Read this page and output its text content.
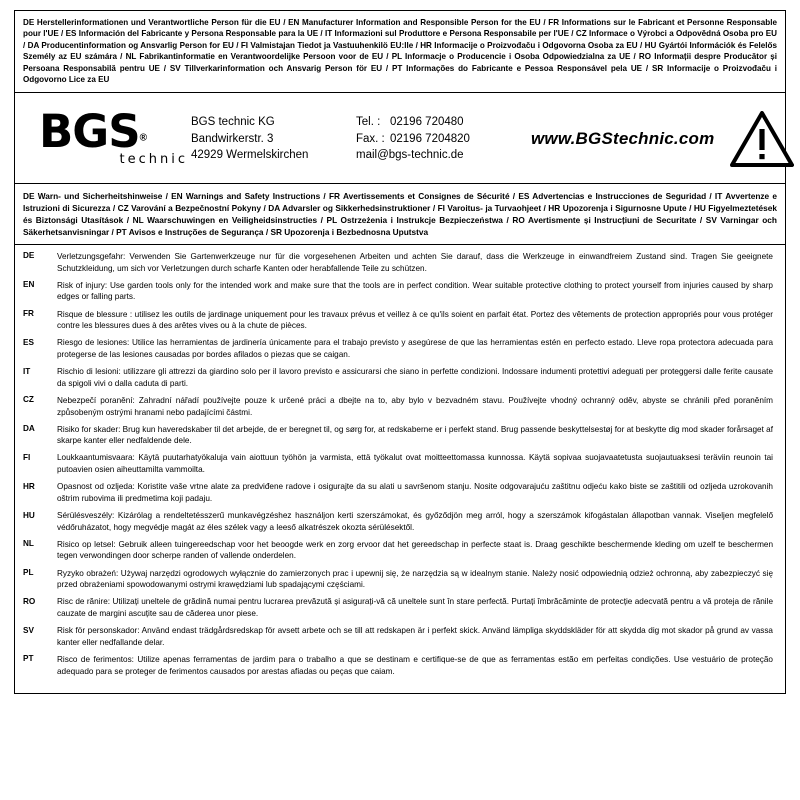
DE Herstellerinformationen und Verantwortliche Person für die EU / EN Manufacturer Information and Responsible Person for the EU / FR Informations sur le Fabricant et Personne Responsable pour l'UE / ES Información del Fabricante y Persona Responsable para la UE / IT Informazioni sul Produttore e Persona Responsabile per l'UE / CZ Informace o Výrobci a Odpovědná Osoba pro EU / DA Producentinformation og Ansvarlig Person for EU / FI Valmistajan Tiedot ja Vastuuhenkilö EU:lle / HR Informacije o Proizvođaču i Odgovorna Osoba za EU / HU Gyártói Információk és Felelős Személy az EU számára / NL Fabrikantinformatie en Verantwoordelijke Persoon voor de EU / PL Informacje o Producencie i Osoba Odpowiedzialna za UE / RO Informații despre Producător și Persoana Responsabilă pentru UE / SV Tillverkarinformation och Ansvarig Person för EU / PT Informações do Fabricante e Pessoa Responsável pela UE / SR Informacije o Proizvođaču i Odgovorno Lice za EU
BGS®
technic
BGS technic KG
Bandwirkerstr. 3
42929 Wermelskirchen
Tel. : 02196 720480
Fax. : 02196 7204820
mail@bgs-technic.de
www.BGStechnic.com
DE Warn- und Sicherheitshinweise / EN Warnings and Safety Instructions / FR Avertissements et Consignes de Sécurité / ES Advertencias e Instrucciones de Seguridad / IT Avvertenze e Istruzioni di Sicurezza / CZ Varování a Bezpečnostní Pokyny / DA Advarsler og Sikkerhedsinstruktioner / FI Varoitus- ja Turvaohjeet / HR Upozorenja i Sigurnosne Upute / HU Figyelmeztetések és Biztonsági Utasítások / NL Waarschuwingen en Veiligheidsinstructies / PL Ostrzeżenia i Instrukcje Bezpieczeństwa / RO Avertismente și Instrucțiuni de Securitate / SV Varningar och Säkerhetsanvisningar / PT Avisos e Instruções de Segurança / SR Upozorenja i Bezbednosna Uputstva
DE	Verletzungsgefahr: Verwenden Sie Gartenwerkzeuge nur für die vorgesehenen Arbeiten und achten Sie darauf, dass die Werkzeuge in einwandfreiem Zustand sind. Tragen Sie geeignete Schutzkleidung, um sich vor Verletzungen durch scharfe Kanten oder herabfallende Teile zu schützen.
EN	Risk of injury: Use garden tools only for the intended work and make sure that the tools are in perfect condition. Wear suitable protective clothing to protect yourself from injuries caused by sharp edges or falling parts.
FR	Risque de blessure : utilisez les outils de jardinage uniquement pour les travaux prévus et veillez à ce qu'ils soient en parfait état. Portez des vêtements de protection appropriés pour vous protéger contre les blessures dues à des arêtes vives ou à la chute de pièces.
ES	Riesgo de lesiones: Utilice las herramientas de jardinería únicamente para el trabajo previsto y asegúrese de que las herramientas estén en perfecto estado. Lleve ropa protectora adecuada para protegerse de las lesiones causadas por bordes afilados o piezas que se caigan.
IT	Rischio di lesioni: utilizzare gli attrezzi da giardino solo per il lavoro previsto e assicurarsi che siano in perfette condizioni. Indossare indumenti protettivi adeguati per proteggersi dalle ferite causate da spigoli vivi o dalla caduta di parti.
CZ	Nebezpečí poranění: Zahradní nářadí používejte pouze k určené práci a dbejte na to, aby bylo v bezvadném stavu. Používejte vhodný ochranný oděv, abyste se chránili před poraněním způsobeným ostrými hranami nebo padajícími částmi.
DA	Risiko for skader: Brug kun haveredskaber til det arbejde, de er beregnet til, og sørg for, at redskaberne er i perfekt stand. Brug passende beskyttelsestøj for at beskytte dig mod skader forårsaget af skarpe kanter eller nedfaldende dele.
FI	Loukkaantumisvaara: Käytä puutarhatyökaluja vain aiottuun työhön ja varmista, että työkalut ovat moitteettomassa kunnossa. Käytä sopivaa suojavaatetusta suojautuaksesi teräviin reunoin tai putoavien osien aiheuttamilta vammoilta.
HR	Opasnost od ozljeda: Koristite vaše vrtne alate za predviđene radove i osigurajte da su alati u savršenom stanju. Nosite odgovarajuću zaštitnu odjeću kako biste se zaštitili od ozljeda uzrokovanih oštrim rubovima ili predmetima koji padaju.
HU	Sérülésveszély: Kizárólag a rendeltetésszerű munkavégzéshez használjon kerti szerszámokat, és győződjön meg arról, hogy a szerszámok kifogástalan állapotban vannak. Viseljen megfelelő védőruházatot, hogy megvédje magát az éles szélek vagy a leeső alkatrészek okozta sérülésektől.
NL	Risico op letsel: Gebruik alleen tuingereedschap voor het beoogde werk en zorg ervoor dat het gereedschap in perfecte staat is. Draag geschikte beschermende kleding om uzelf te beschermen tegen verwondingen door scherpe randen of vallende onderdelen.
PL	Ryzyko obrażeń: Używaj narzędzi ogrodowych wyłącznie do zamierzonych prac i upewnij się, że narzędzia są w idealnym stanie. Należy nosić odpowiednią odzież ochronną, aby zabezpieczyć się przed obrażeniami spowodowanymi ostrymi krawędziami lub spadającymi częściami.
RO	Risc de rănire: Utilizați uneltele de grădină numai pentru lucrarea prevăzută și asigurați-vă că uneltele sunt în stare perfectă. Purtați îmbrăcăminte de protecție adecvată pentru a vă proteja de rănile cauzate de margini ascuțite sau de căderea unor piese.
SV	Risk för personskador: Använd endast trädgårdsredskap för avsett arbete och se till att redskapen är i perfekt skick. Använd lämpliga skyddskläder för att skydda dig mot skador på grund av vassa kanter eller nedfallande delar.
PT	Risco de ferimentos: Utilize apenas ferramentas de jardim para o trabalho a que se destinam e certifique-se de que as ferramentas estão em perfeitas condições. Use vestuário de proteção adequado para se proteger de ferimentos causados por arestas afiadas ou peças que caiam.
